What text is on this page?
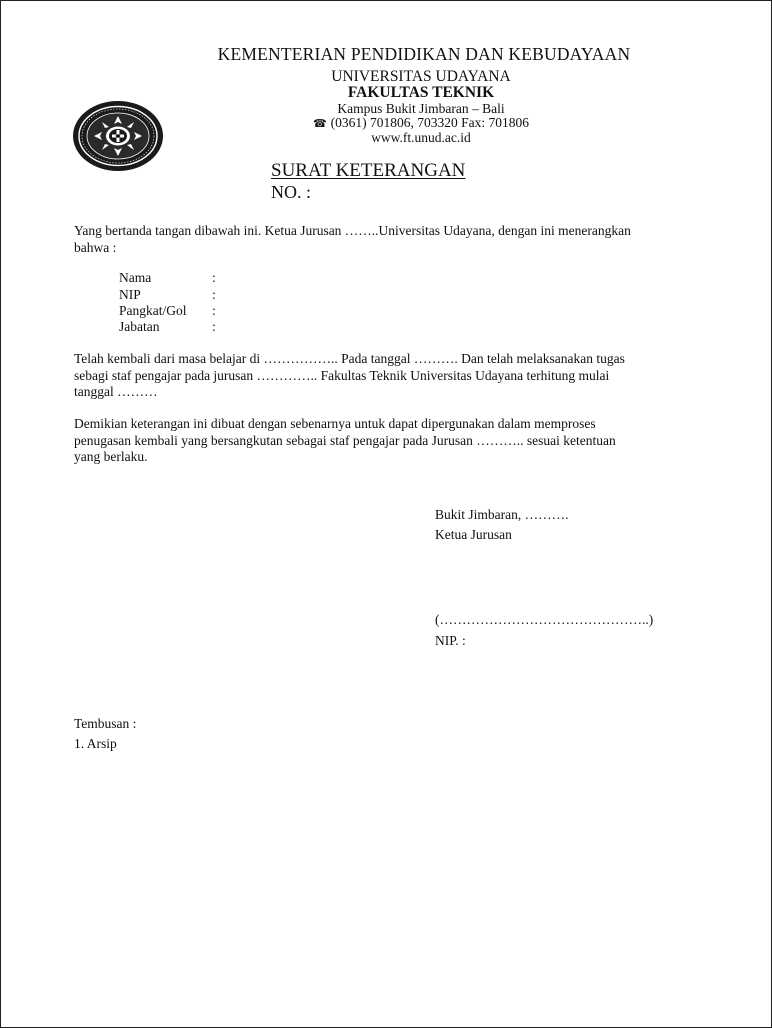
KEMENTERIAN PENDIDIKAN DAN KEBUDAYAAN
UNIVERSITAS UDAYANA
FAKULTAS TEKNIK
Kampus Bukit Jimbaran – Bali
☎ (0361) 701806, 703320 Fax: 701806
www.ft.unud.ac.id
SURAT KETERANGAN
NO. :
Yang bertanda tangan dibawah ini. Ketua Jurusan ……..Universitas Udayana, dengan ini menerangkan
bahwa :
Nama	:
NIP	:
Pangkat/Gol :
Jabatan	:
Telah kembali dari masa belajar di …………….. Pada tanggal ………. Dan telah melaksanakan tugas
sebagi staf pengajar pada jurusan ………….. Fakultas Teknik Universitas Udayana terhitung mulai
tanggal ………
Demikian keterangan ini dibuat dengan sebenarnya untuk dapat dipergunakan dalam memproses
penugasan kembali yang bersangkutan sebagai staf pengajar pada Jurusan ……….. sesuai ketentuan
yang berlaku.
Bukit Jimbaran, ……….
Ketua Jurusan
(………………………………………..)
NIP. :
Tembusan :
1. Arsip
